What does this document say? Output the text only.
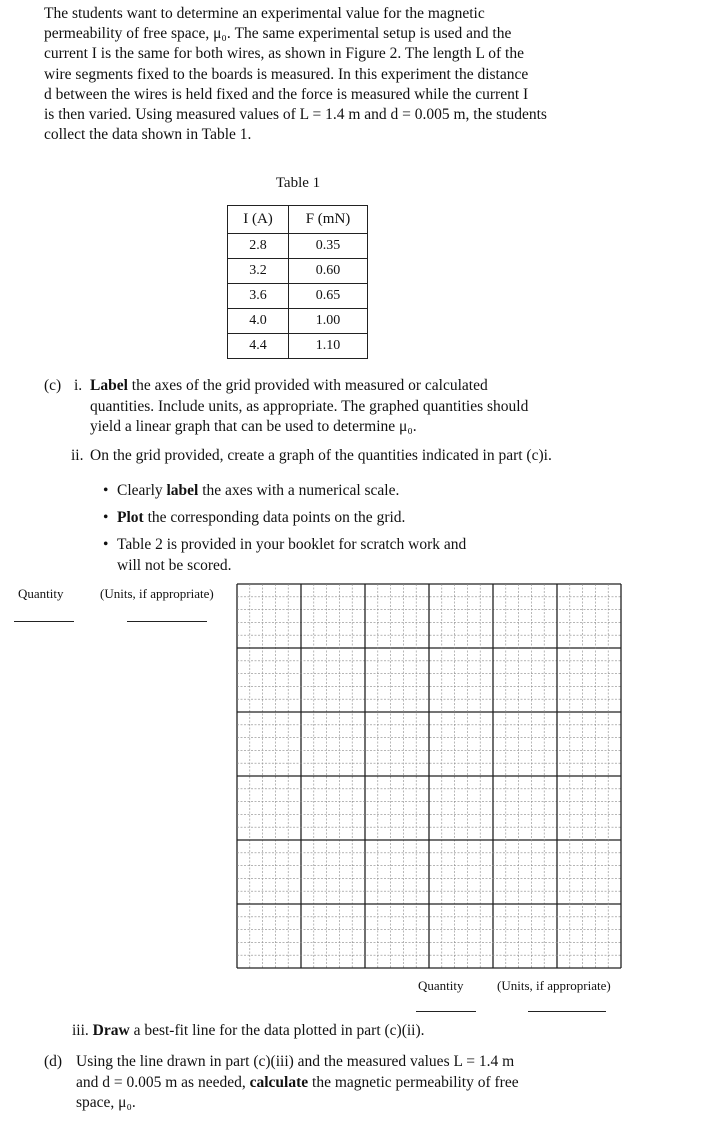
The students want to determine an experimental value for the magnetic

permeability of free space, μ₀. The same experimental setup is used and the

current I is the same for both wires, as shown in Figure 2. The length L of the

wire segments fixed to the boards is measured. In this experiment the distance

d between the wires is held fixed and the force is measured while the current I

is then varied. Using measured values of L = 1.4 m and d = 0.005 m, the students

collect the data shown in Table 1.

Table 1
I (A)	F (mN)
2.8	0.35
3.2	0.60
3.6	0.65
4.0	1.00
4.4	1.10
(c) i. Label the axes of the grid provided with measured or calculated
quantities. Include units, as appropriate. The graphed quantities should
yield a linear graph that can be used to determine μ₀.
ii. On the grid provided, create a graph of the quantities indicated in part (c)i.
• Clearly label the axes with a numerical scale.
• Plot the corresponding data points on the grid.
• Table 2 is provided in your booklet for scratch work and
will not be scored.
Quantity	(Units, if appropriate)
Quantity	(Units, if appropriate)
iii. Draw a best-fit line for the data plotted in part (c)(ii).
(d) Using the line drawn in part (c)(iii) and the measured values L = 1.4 m
and d = 0.005 m as needed, calculate the magnetic permeability of free
space, μ₀.
